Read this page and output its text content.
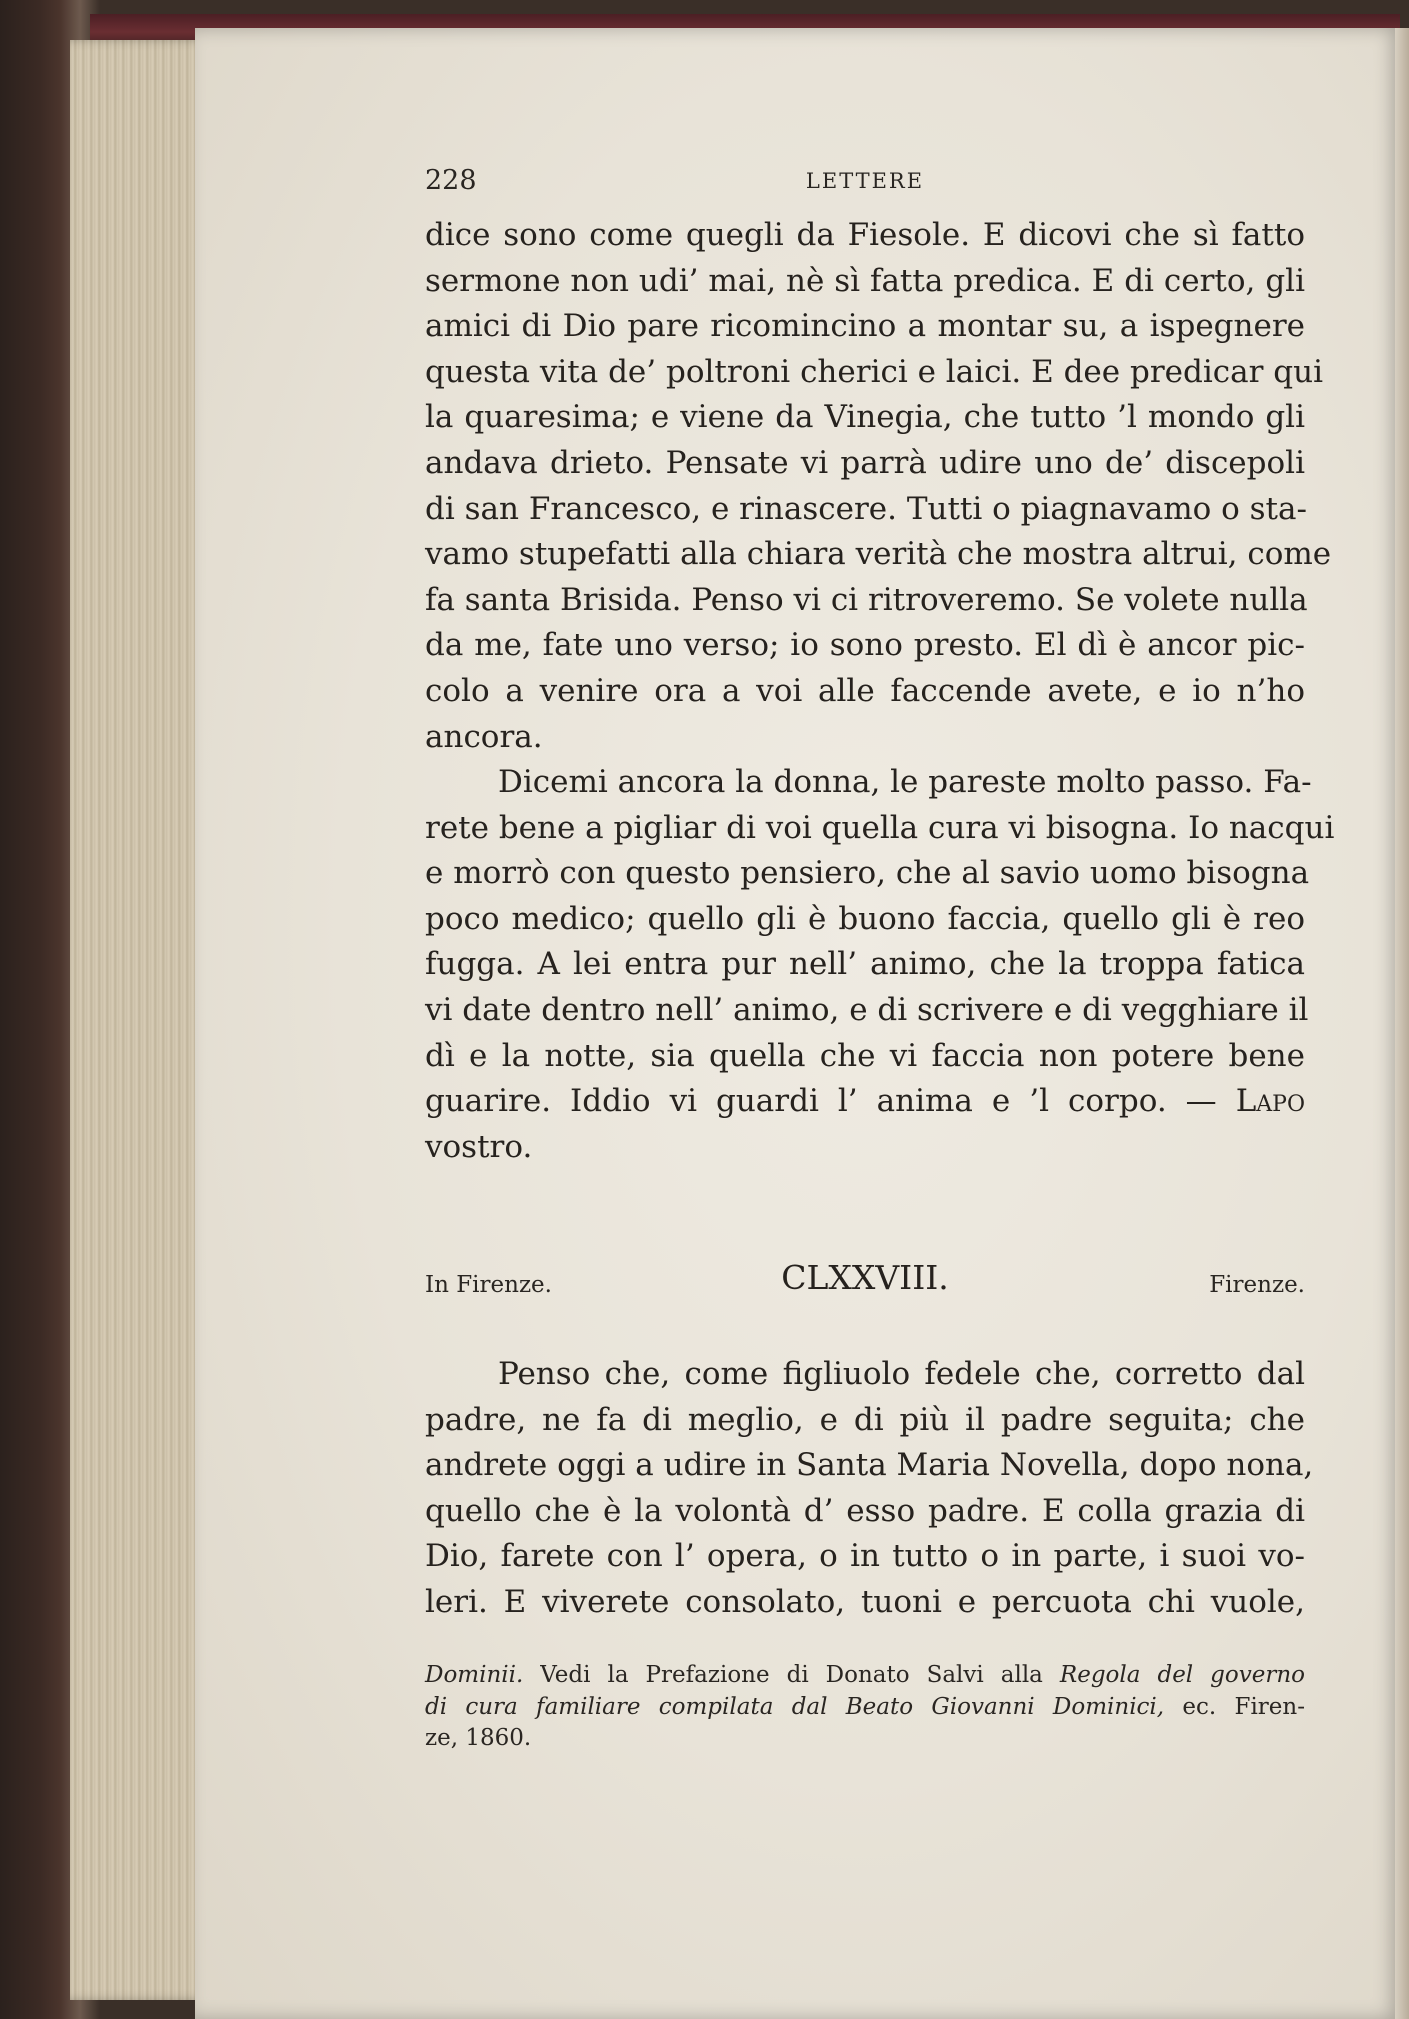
228	LETTERE
dice sono come quegli da Fiesole. E dicovi che sì fatto
sermone non udi’ mai, nè sì fatta predica. E di certo, gli
amici di Dio pare ricomincino a montar su, a ispegnere
questa vita de’ poltroni cherici e laici. E dee predicar qui
la quaresima; e viene da Vinegia, che tutto ’l mondo gli
andava drieto. Pensate vi parrà udire uno de’ discepoli
di san Francesco, e rinascere. Tutti o piagnavamo o sta-
vamo stupefatti alla chiara verità che mostra altrui, come
fa santa Brisida. Penso vi ci ritroveremo. Se volete nulla
da me, fate uno verso; io sono presto. El dì è ancor pic-
colo a venire ora a voi alle faccende avete, e io n’ho
ancora.
Dicemi ancora la donna, le pareste molto passo. Fa-
rete bene a pigliar di voi quella cura vi bisogna. Io nacqui
e morrò con questo pensiero, che al savio uomo bisogna
poco medico; quello gli è buono faccia, quello gli è reo
fugga. A lei entra pur nell’ animo, che la troppa fatica
vi date dentro nell’ animo, e di scrivere e di vegghiare il
dì e la notte, sia quella che vi faccia non potere bene
guarire. Iddio vi guardi l’ anima e ’l corpo. — Lapo
vostro.
In Firenze.	CLXXVIII.	Firenze.
Penso che, come figliuolo fedele che, corretto dal
padre, ne fa di meglio, e di più il padre seguita; che
andrete oggi a udire in Santa Maria Novella, dopo nona,
quello che è la volontà d’ esso padre. E colla grazia di
Dio, farete con l’ opera, o in tutto o in parte, i suoi vo-
leri. E viverete consolato, tuoni e percuota chi vuole,
Dominii. Vedi la Prefazione di Donato Salvi alla Regola del governo
di cura familiare compilata dal Beato Giovanni Dominici, ec. Firen-
ze, 1860.
